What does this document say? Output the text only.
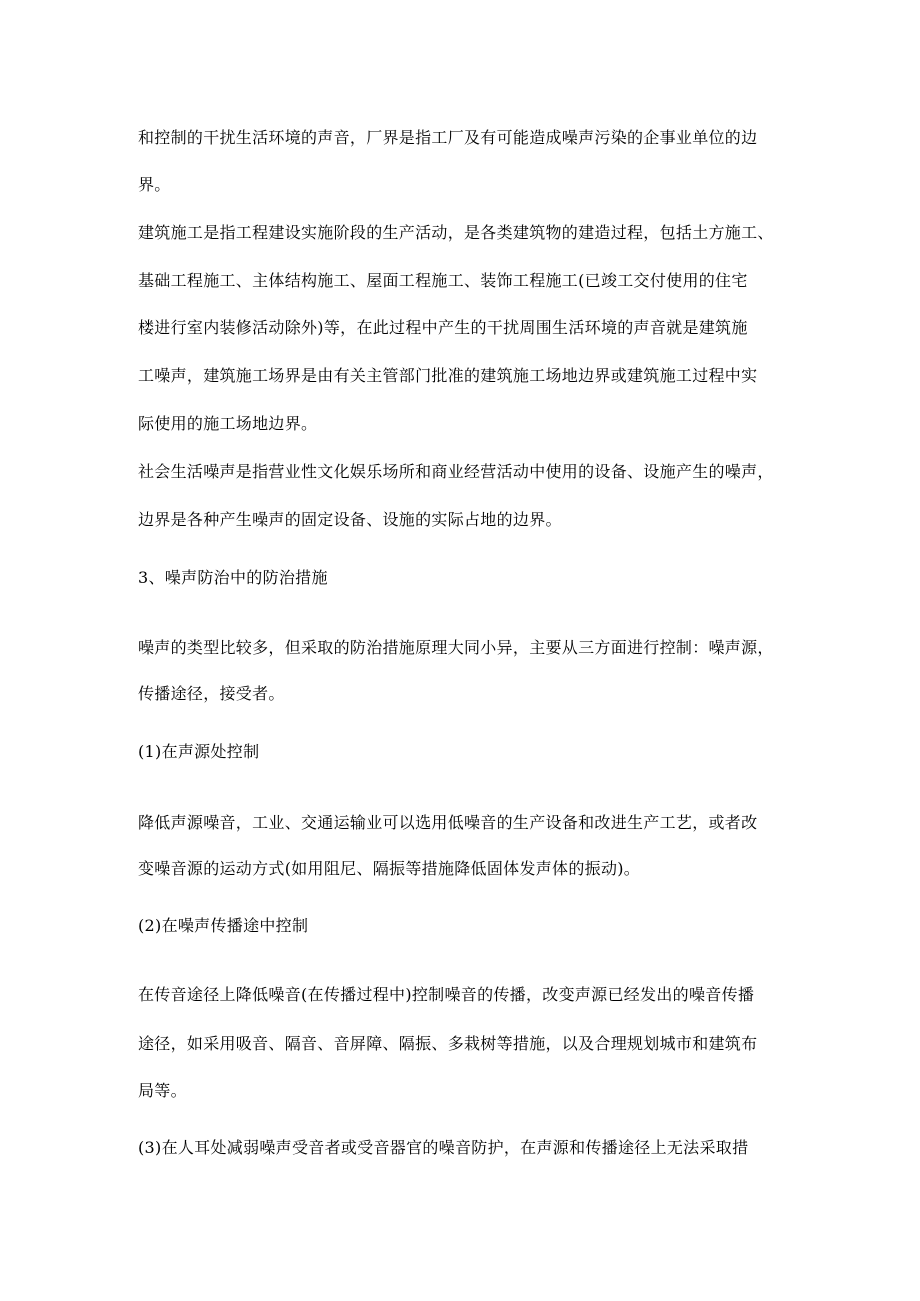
和控制的干扰生活环境的声音，厂界是指工厂及有可能造成噪声污染的企事业单位的边
界。
建筑施工是指工程建设实施阶段的生产活动，是各类建筑物的建造过程，包括土方施工、
基础工程施工、主体结构施工、屋面工程施工、装饰工程施工(已竣工交付使用的住宅
楼进行室内装修活动除外)等，在此过程中产生的干扰周围生活环境的声音就是建筑施
工噪声，建筑施工场界是由有关主管部门批准的建筑施工场地边界或建筑施工过程中实
际使用的施工场地边界。
社会生活噪声是指营业性文化娱乐场所和商业经营活动中使用的设备、设施产生的噪声，
边界是各种产生噪声的固定设备、设施的实际占地的边界。
3、噪声防治中的防治措施
噪声的类型比较多，但采取的防治措施原理大同小异，主要从三方面进行控制：噪声源，
传播途径，接受者。
(1)在声源处控制
降低声源噪音，工业、交通运输业可以选用低噪音的生产设备和改进生产工艺，或者改
变噪音源的运动方式(如用阻尼、隔振等措施降低固体发声体的振动)。
(2)在噪声传播途中控制
在传音途径上降低噪音(在传播过程中)控制噪音的传播，改变声源已经发出的噪音传播
途径，如采用吸音、隔音、音屏障、隔振、多栽树等措施，以及合理规划城市和建筑布
局等。
(3)在人耳处减弱噪声受音者或受音器官的噪音防护，在声源和传播途径上无法采取措
